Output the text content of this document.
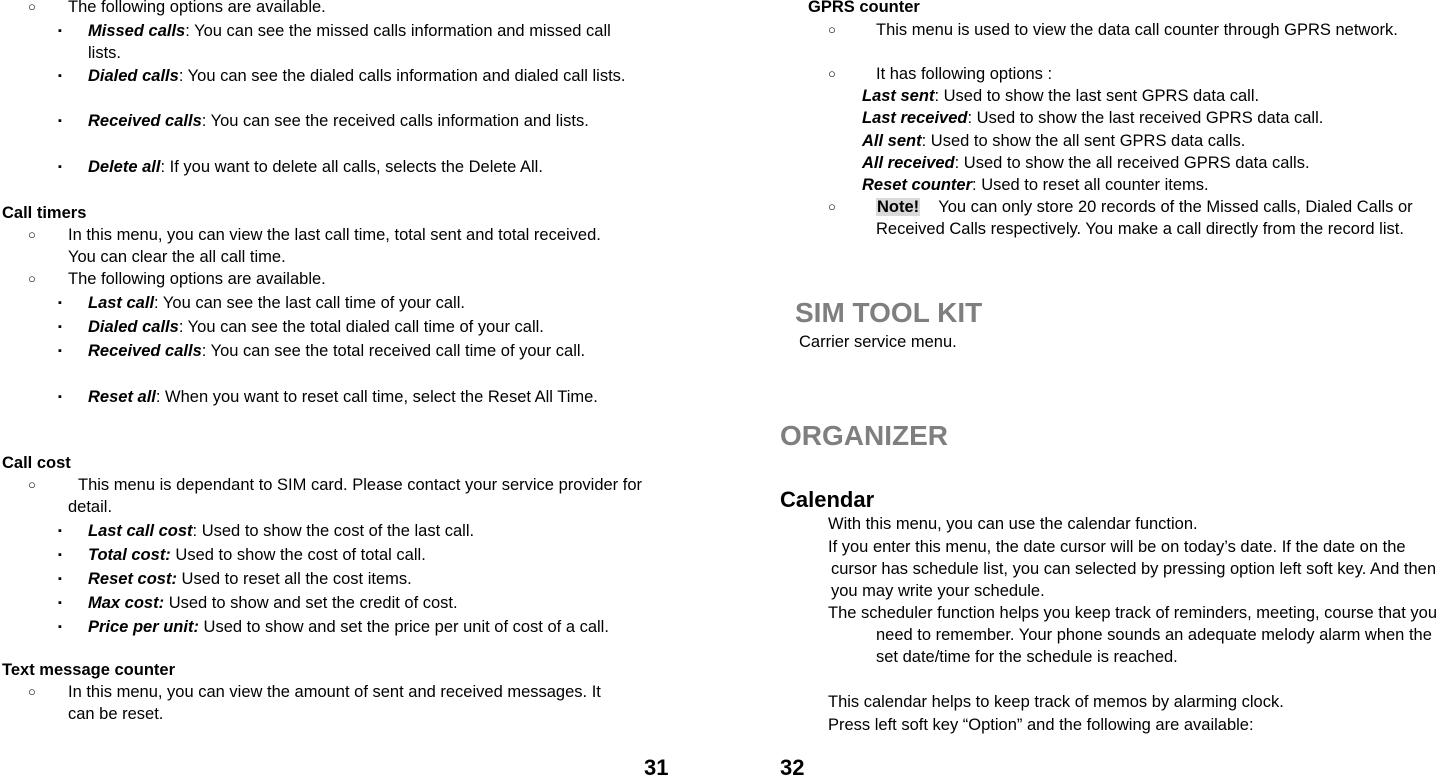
○ The following options are available.
▪ Missed calls: You can see the missed calls information and missed call lists.
▪ Dialed calls: You can see the dialed calls information and dialed call lists.
▪ Received calls: You can see the received calls information and lists.
▪ Delete all: If you want to delete all calls, selects the Delete All.
Call timers
○ In this menu, you can view the last call time, total sent and total received. You can clear the all call time.
○ The following options are available.
▪ Last call: You can see the last call time of your call.
▪ Dialed calls: You can see the total dialed call time of your call.
▪ Received calls: You can see the total received call time of your call.
▪ Reset all: When you want to reset call time, select the Reset All Time.
Call cost
○	This menu is dependant to SIM card. Please contact your service provider for detail.
▪ Last call cost: Used to show the cost of the last call.
▪ Total cost: Used to show the cost of total call.
▪ Reset cost: Used to reset all the cost items.
▪ Max cost: Used to show and set the credit of cost.
▪ Price per unit: Used to show and set the price per unit of cost of a call.
Text message counter
○ In this menu, you can view the amount of sent and received messages. It can be reset.
31
GPRS counter
○ This menu is used to view the data call counter through GPRS network.
○ It has following options :
Last sent: Used to show the last sent GPRS data call.
Last received: Used to show the last received GPRS data call.
All sent: Used to show the all sent GPRS data calls.
All received: Used to show the all received GPRS data calls.
Reset counter: Used to reset all counter items.
○ Note! You can only store 20 records of the Missed calls, Dialed Calls or Received Calls respectively. You make a call directly from the record list.
SIM TOOL KIT
Carrier service menu.
ORGANIZER
Calendar
With this menu, you can use the calendar function.
If you enter this menu, the date cursor will be on today’s date. If the date on the cursor has schedule list, you can selected by pressing option left soft key. And then you may write your schedule.
The scheduler function helps you keep track of reminders, meeting, course that you need to remember. Your phone sounds an adequate melody alarm when the set date/time for the schedule is reached.
This calendar helps to keep track of memos by alarming clock.
Press left soft key “Option” and the following are available:
32
